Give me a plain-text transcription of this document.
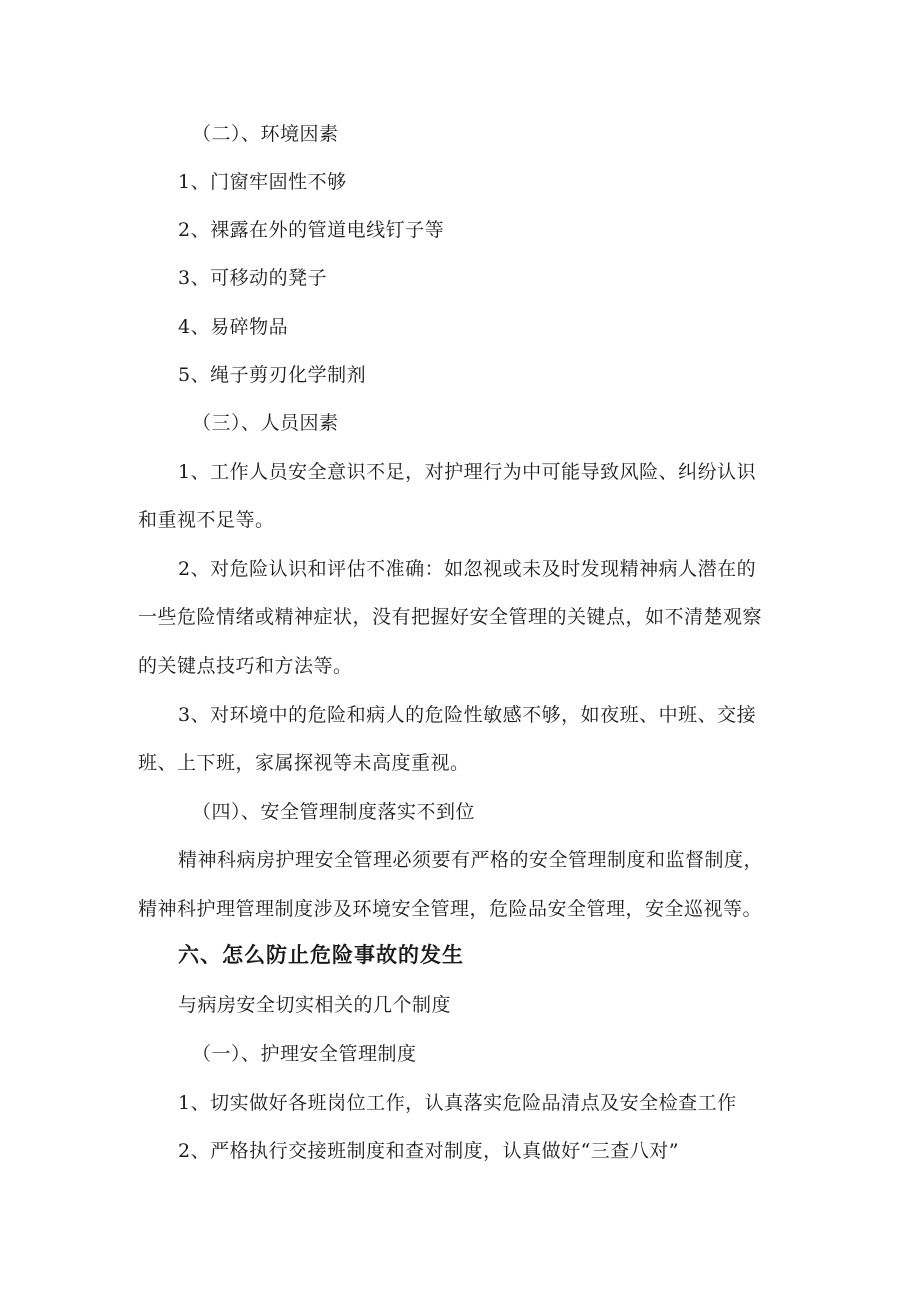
（二）、环境因素
1、门窗牢固性不够
2、裸露在外的管道电线钉子等
3、可移动的凳子
4、易碎物品
5、绳子剪刃化学制剂
（三）、人员因素
1、工作人员安全意识不足，对护理行为中可能导致风险、纠纷认识
和重视不足等。
2、对危险认识和评估不准确：如忽视或未及时发现精神病人潜在的
一些危险情绪或精神症状，没有把握好安全管理的关键点，如不清楚观察
的关键点技巧和方法等。
3、对环境中的危险和病人的危险性敏感不够，如夜班、中班、交接
班、上下班，家属探视等未高度重视。
（四）、安全管理制度落实不到位
精神科病房护理安全管理必须要有严格的安全管理制度和监督制度，
精神科护理管理制度涉及环境安全管理，危险品安全管理，安全巡视等。
六、怎么防止危险事故的发生
与病房安全切实相关的几个制度
（一）、护理安全管理制度
1、切实做好各班岗位工作，认真落实危险品清点及安全检查工作
2、严格执行交接班制度和查对制度，认真做好“三查八对”
